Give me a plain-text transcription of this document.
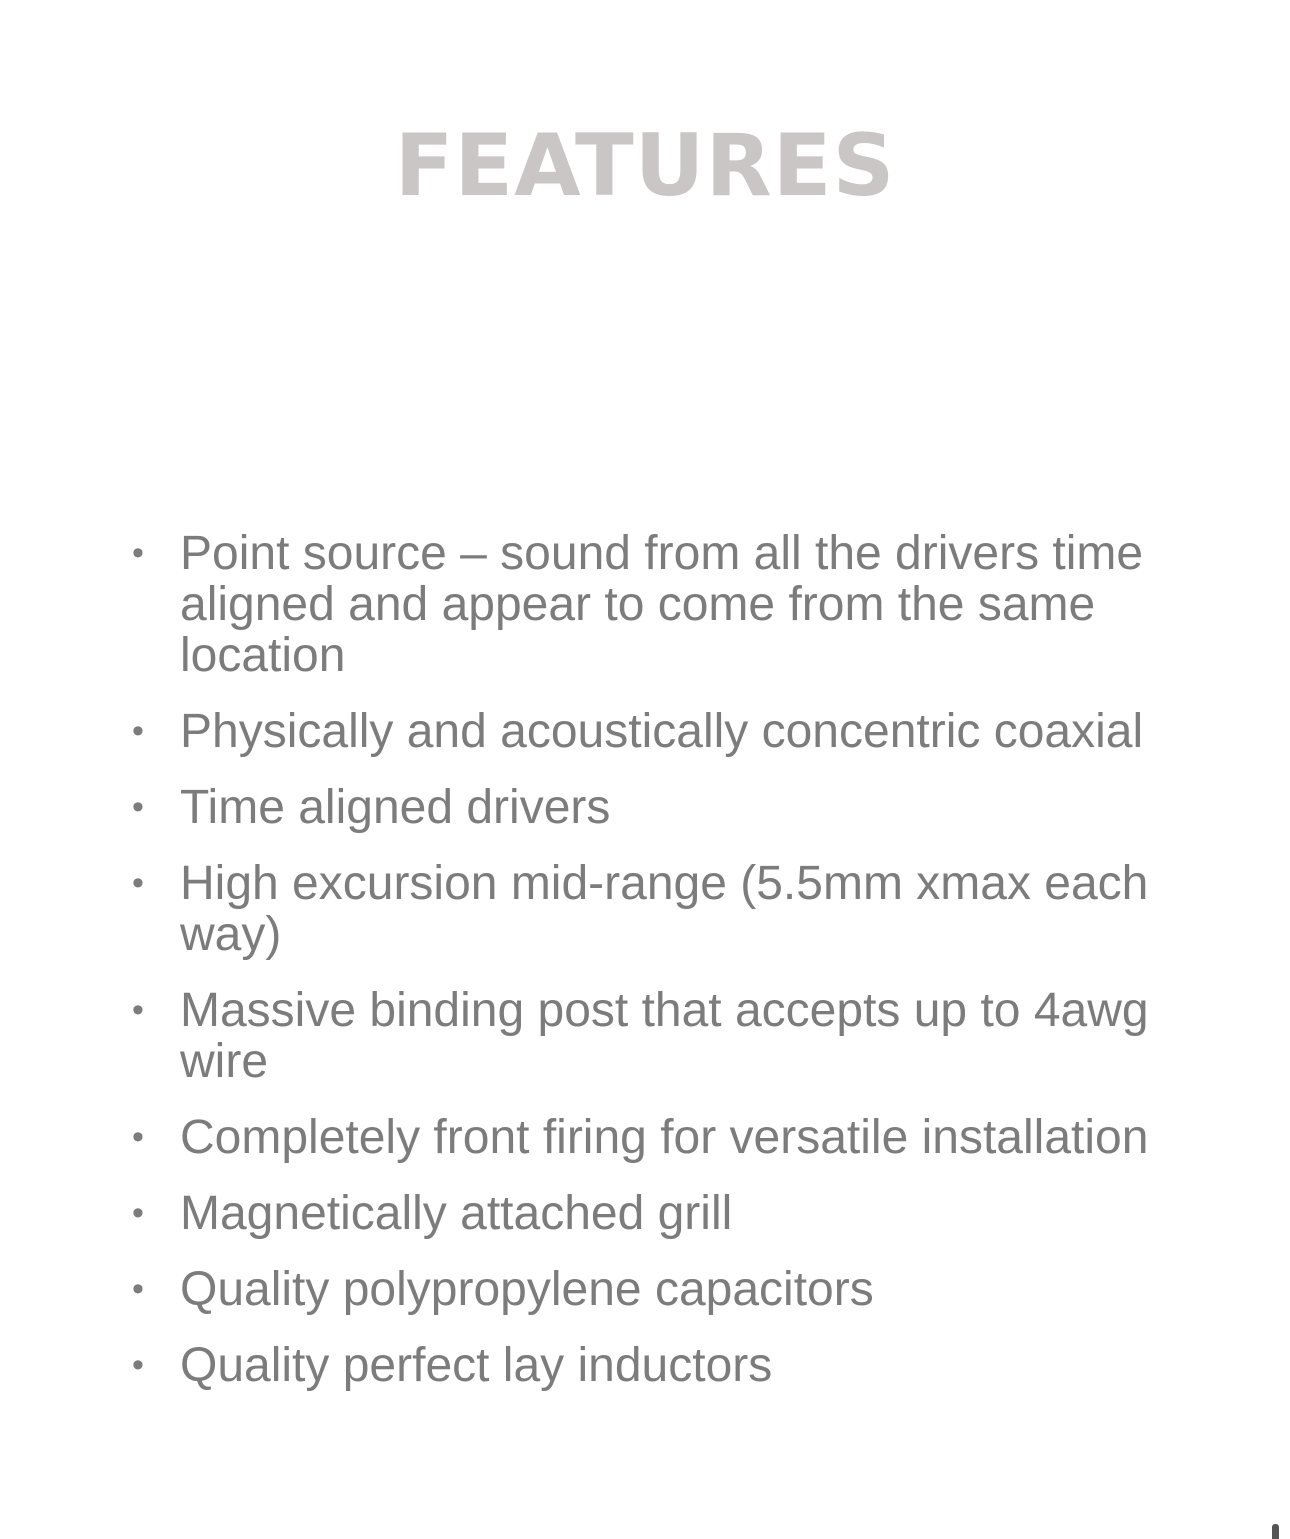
FEATURES
• Point source – sound from all the drivers time aligned and appear to come from the same location
• Physically and acoustically concentric coaxial
• Time aligned drivers
• High excursion mid-range (5.5mm xmax each way)
• Massive binding post that accepts up to 4awg wire
• Completely front firing for versatile installation
• Magnetically attached grill
• Quality polypropylene capacitors
• Quality perfect lay inductors
